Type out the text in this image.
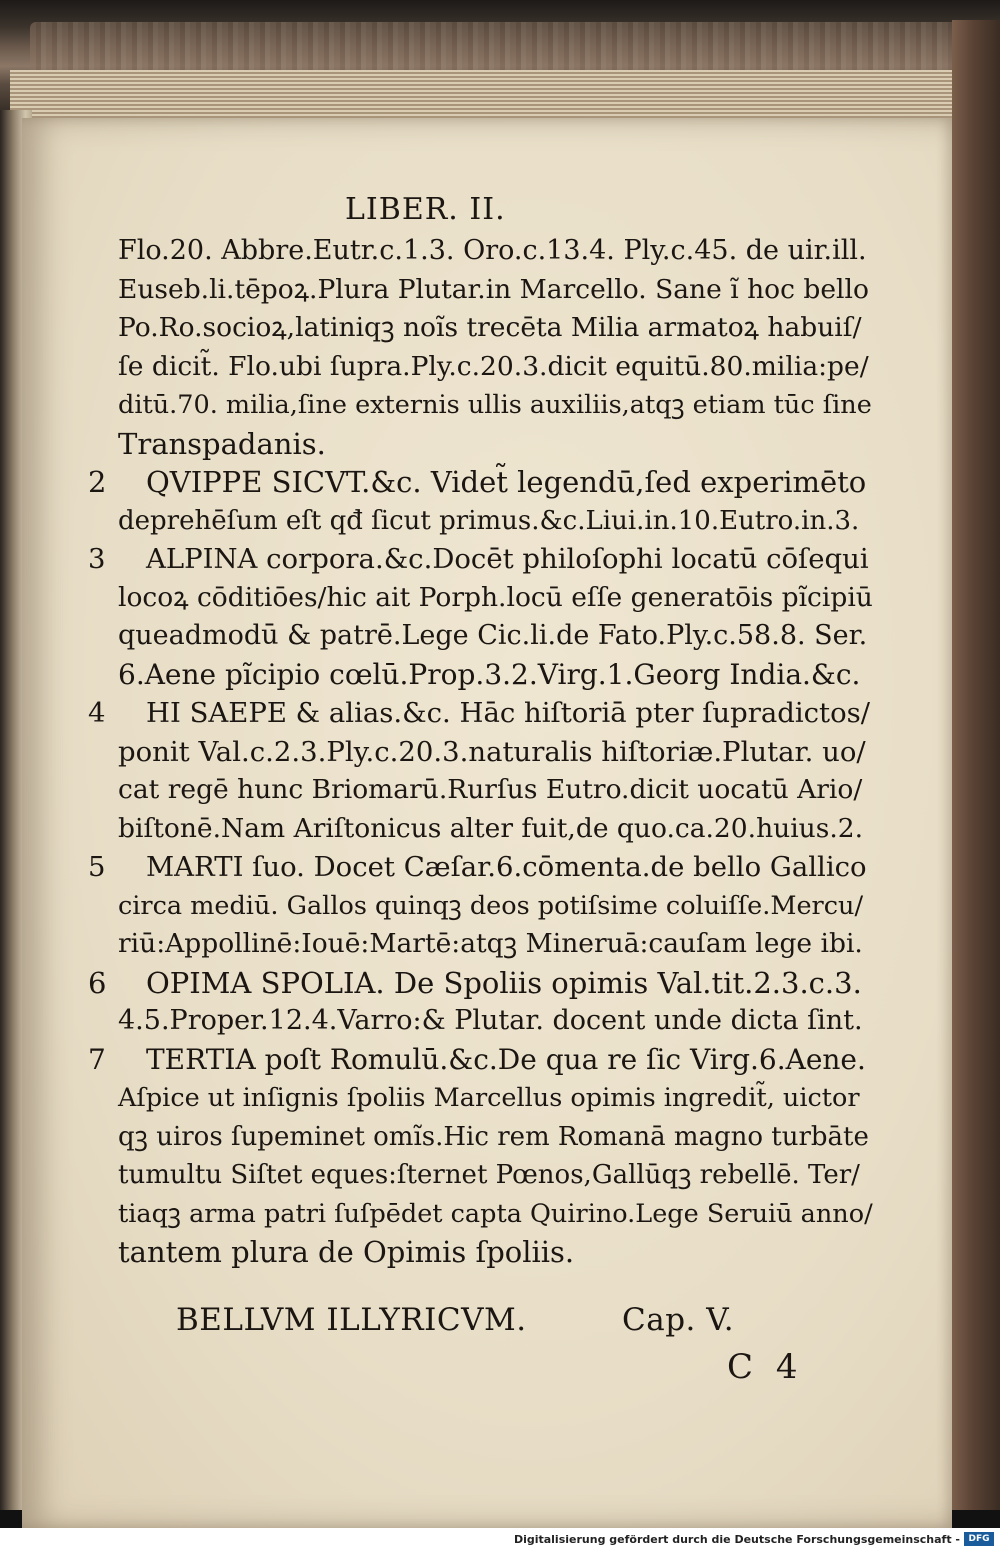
LIBER. II.
Flo.20. Abbre.Eutr.c.1.3. Oro.c.13.4. Ply.c.45. de uir.ill.
Euseb.li.tēpoꝝ.Plura Plutar.in Marcello. Sane ĩ hoc bello
Po.Ro.socioꝝ,latiniqꝫ noĩs trecēta Milia armatoꝝ habuiſ/
ſe dicit̃. Flo.ubi ſupra.Ply.c.20.3.dicit equitū.80.milia:pe/
ditū.70. milia,ſine externis ullis auxiliis,atqꝫ etiam tūc ſine
Transpadanis.
2 QVIPPE SICVT.&c. Videt̃ legendū,ſed experimēto
deprehēſum eſt qđ ſicut primus.&c.Liui.in.10.Eutro.in.3.
3 ALPINA corpora.&c.Docēt philoſophi locatū cōſequi
locoꝝ cōditiōes/hic ait Porph.locū eſſe generatōis pĩcipiū
queadmodū & patrē.Lege Cic.li.de Fato.Ply.c.58.8. Ser.
6.Aene pĩcipio cœlū.Prop.3.2.Virg.1.Georg India.&c.
4 HI SAEPE & alias.&c. Hāc hiſtoriā pter ſupradictos/
ponit Val.c.2.3.Ply.c.20.3.naturalis hiſtoriæ.Plutar. uo/
cat regē hunc Briomarū.Rurſus Eutro.dicit uocatū Ario/
biſtonē.Nam Ariſtonicus alter fuit,de quo.ca.20.huius.2.
5 MARTI ſuo. Docet Cæſar.6.cōmenta.de bello Gallico
circa mediū. Gallos quinqꝫ deos potiſsime coluiſſe.Mercu/
riū:Appollinē:Iouē:Martē:atqꝫ Mineruā:cauſam lege ibi.
6 OPIMA SPOLIA. De Spoliis opimis Val.tit.2.3.c.3.
4.5.Proper.12.4.Varro:& Plutar. docent unde dicta ſint.
7 TERTIA poſt Romulū.&c.De qua re ſic Virg.6.Aene.
Aſpice ut inſignis ſpoliis Marcellus opimis ingredit̃, uictor
qꝫ uiros ſupeminet omĩs.Hic rem Romanā magno turbāte
tumultu Siſtet eques:ſternet Pœnos,Gallūqꝫ rebellē. Ter/
tiaqꝫ arma patri ſuſpēdet capta Quirino.Lege Seruiū anno/
tantem plura de Opimis ſpoliis.
BELLVM ILLYRICVM.	Cap. V.
C 4
Digitalisierung gefördert durch die Deutsche Forschungsgemeinschaft - DFG
